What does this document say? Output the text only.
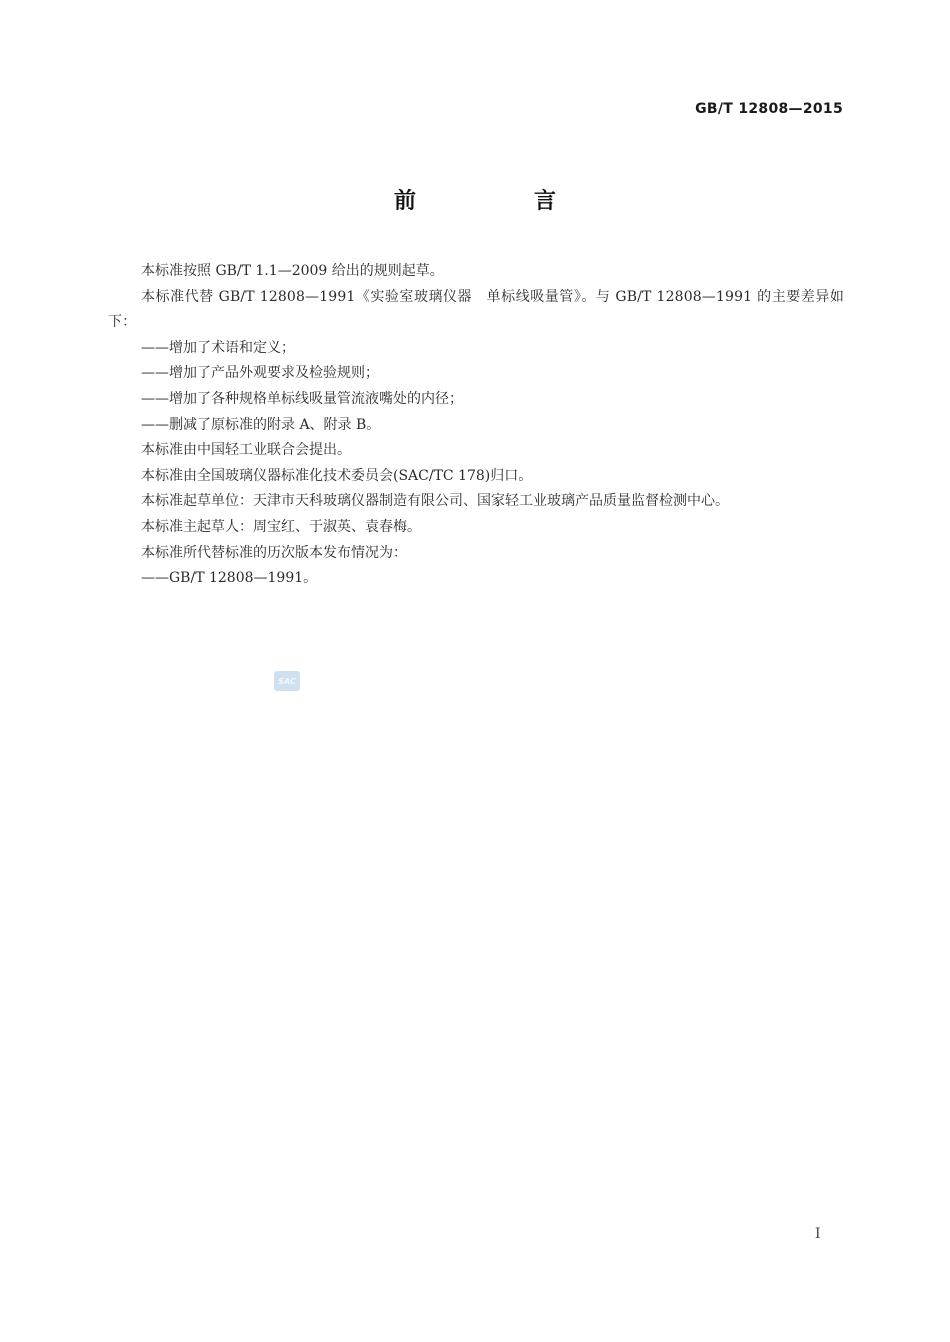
GB/T 12808—2015
前　言

本标准按照 GB/T 1.1—2009 给出的规则起草。

本标准代替 GB/T 12808—1991《实验室玻璃仪器　单标线吸量管》。与 GB/T 12808—1991 的主要差异如下：

——增加了术语和定义；

——增加了产品外观要求及检验规则；

——增加了各种规格单标线吸量管流液嘴处的内径；

——删减了原标准的附录 A、附录 B。

本标准由中国轻工业联合会提出。

本标准由全国玻璃仪器标准化技术委员会(SAC/TC 178)归口。

本标准起草单位：天津市天科玻璃仪器制造有限公司、国家轻工业玻璃产品质量监督检测中心。

本标准主起草人：周宝红、于淑英、袁春梅。

本标准所代替标准的历次版本发布情况为：

——GB/T 12808—1991。

SAC
I
